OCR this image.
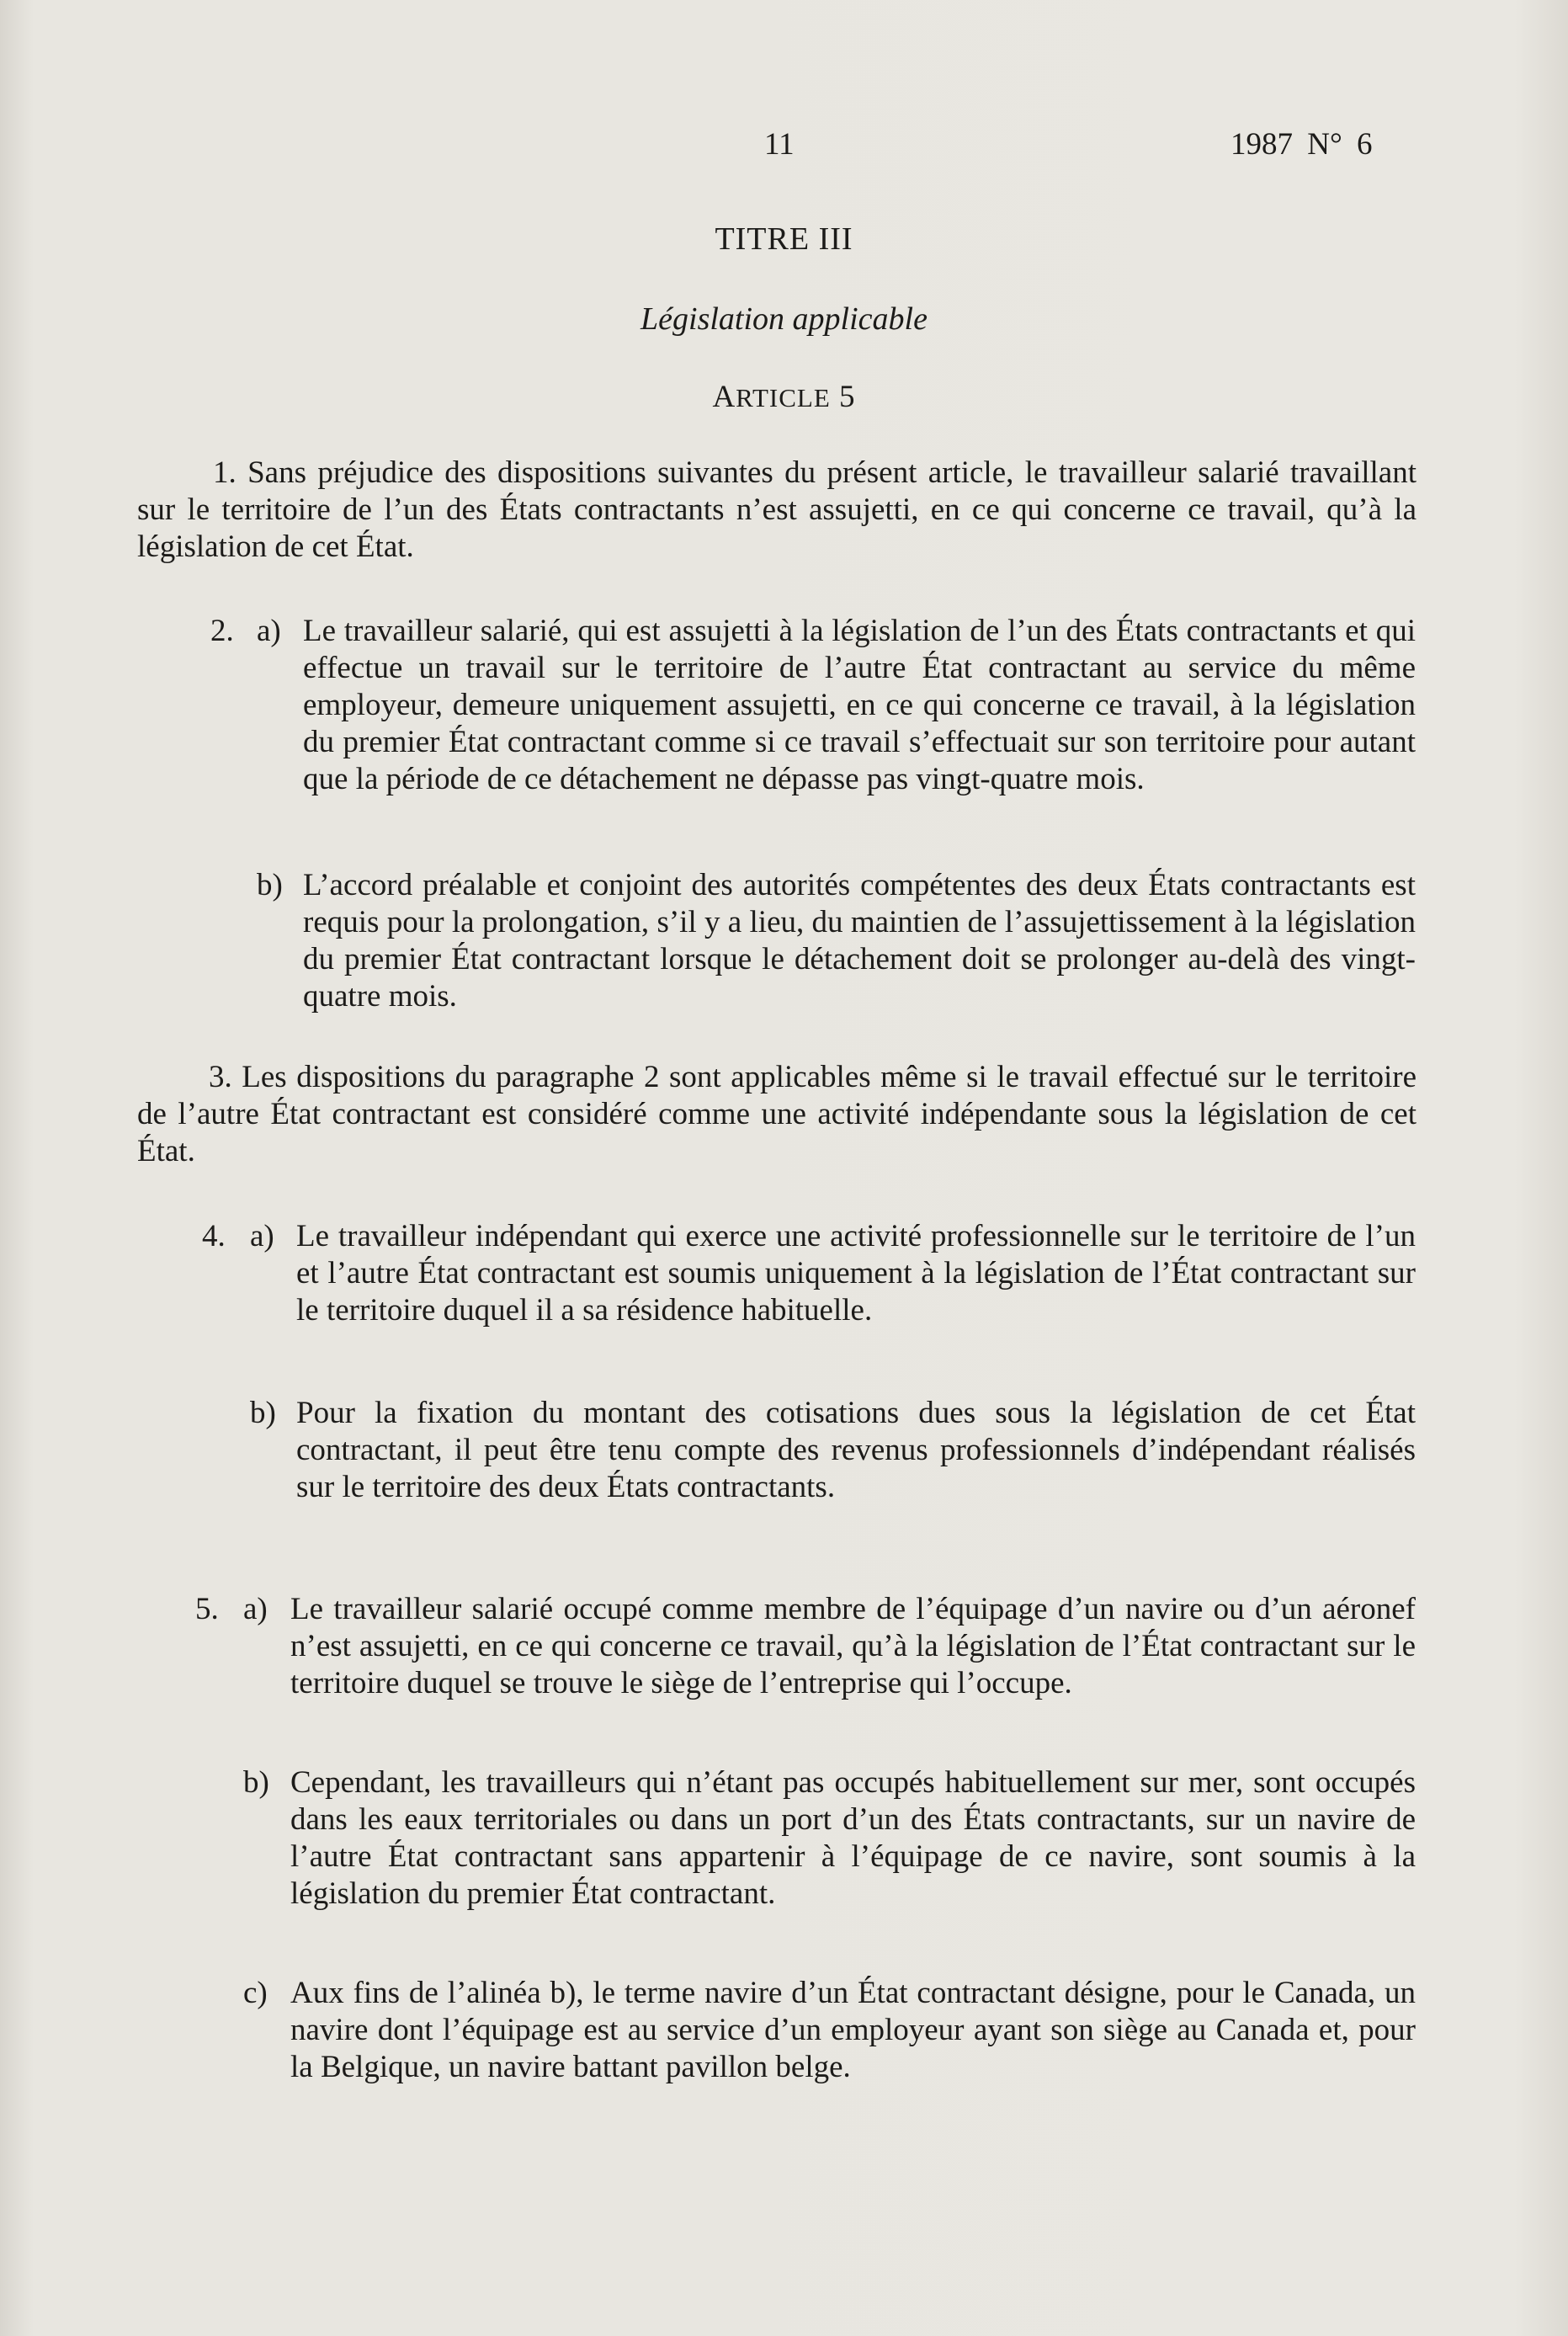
11	1987 N° 6
TITRE III
Législation applicable
ARTICLE 5
1. Sans préjudice des dispositions suivantes du présent article, le travailleur salarié travaillant sur le territoire de l’un des États contractants n’est assujetti, en ce qui concerne ce travail, qu’à la législation de cet État.
2. a) Le travailleur salarié, qui est assujetti à la législation de l’un des États contractants et qui effectue un travail sur le territoire de l’autre État contractant au service du même employeur, demeure uniquement assujetti, en ce qui concerne ce travail, à la législation du premier État contractant comme si ce travail s’effectuait sur son territoire pour autant que la période de ce détachement ne dépasse pas vingt-quatre mois.
b) L’accord préalable et conjoint des autorités compétentes des deux États contractants est requis pour la prolongation, s’il y a lieu, du maintien de l’assujettissement à la législation du premier État contractant lorsque le détachement doit se prolonger au-delà des vingt-quatre mois.
3. Les dispositions du paragraphe 2 sont applicables même si le travail effectué sur le territoire de l’autre État contractant est considéré comme une activité indépendante sous la législation de cet État.
4. a) Le travailleur indépendant qui exerce une activité professionnelle sur le territoire de l’un et l’autre État contractant est soumis uniquement à la législation de l’État contractant sur le territoire duquel il a sa résidence habituelle.
b) Pour la fixation du montant des cotisations dues sous la législation de cet État contractant, il peut être tenu compte des revenus professionnels d’indépendant réalisés sur le territoire des deux États contractants.
5. a) Le travailleur salarié occupé comme membre de l’équipage d’un navire ou d’un aéronef n’est assujetti, en ce qui concerne ce travail, qu’à la législation de l’État contractant sur le territoire duquel se trouve le siège de l’entreprise qui l’occupe.
b) Cependant, les travailleurs qui n’étant pas occupés habituellement sur mer, sont occupés dans les eaux territoriales ou dans un port d’un des États contractants, sur un navire de l’autre État contractant sans appartenir à l’équipage de ce navire, sont soumis à la législation du premier État contractant.
c) Aux fins de l’alinéa b), le terme navire d’un État contractant désigne, pour le Canada, un navire dont l’équipage est au service d’un employeur ayant son siège au Canada et, pour la Belgique, un navire battant pavillon belge.
